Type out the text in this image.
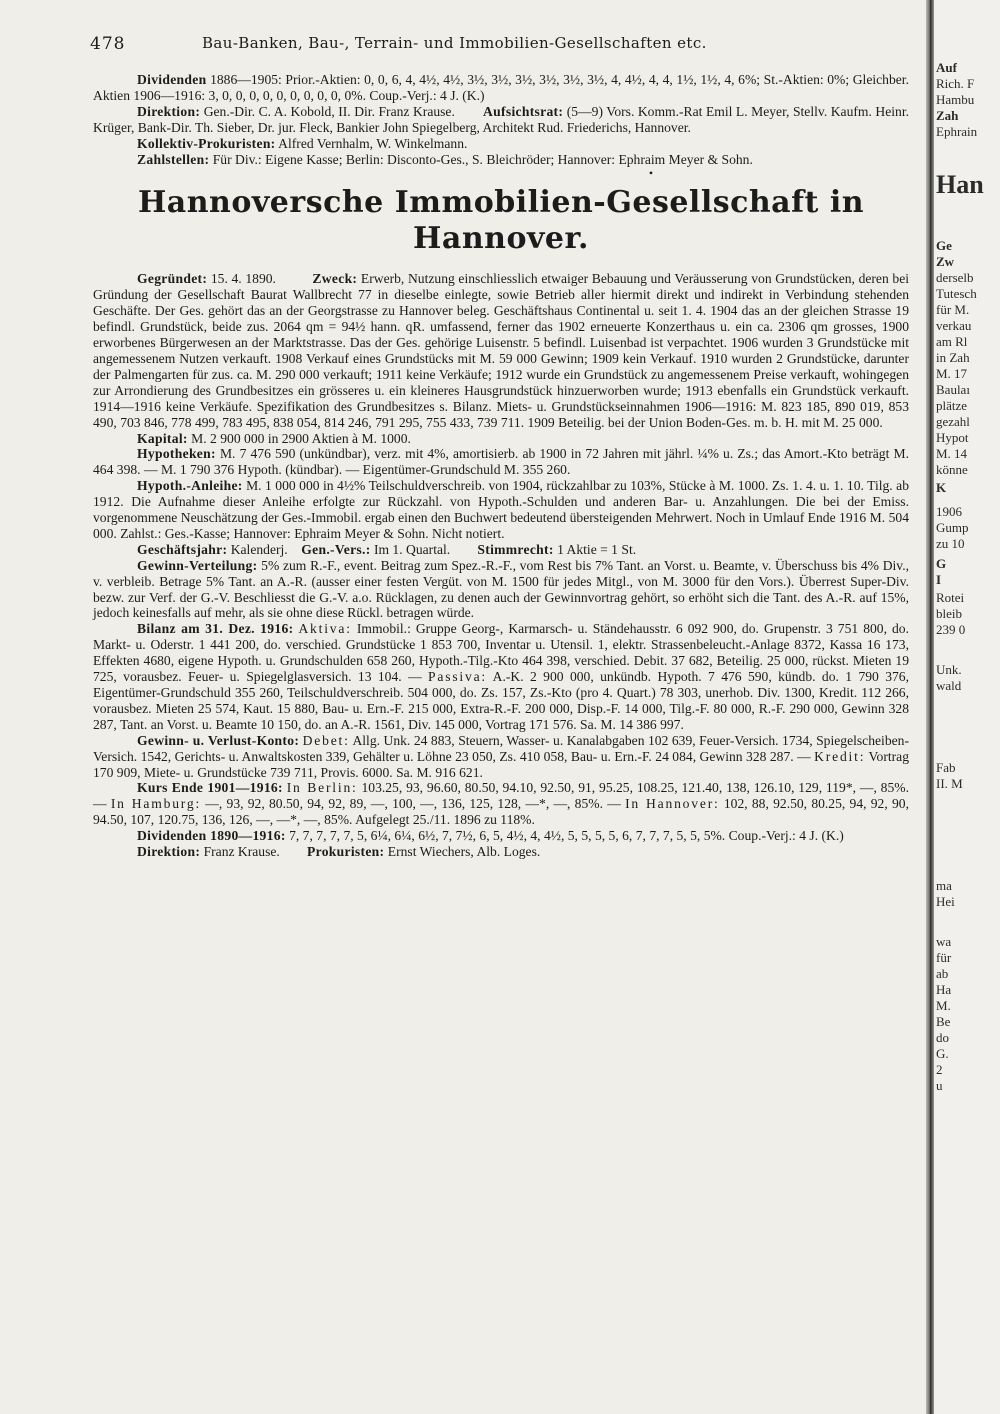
478	Bau-Banken, Bau-, Terrain- und Immobilien-Gesellschaften etc.

Dividenden 1886—1905: Prior.-Aktien: 0, 0, 6, 4, 4½, 4½, 3½, 3½, 3½, 3½, 3½, 3½, 4, 4½, 4, 4, 1½, 1½, 4, 6%; St.-Aktien: 0%; Gleichber. Aktien 1906—1916: 3, 0, 0, 0, 0, 0, 0, 0, 0, 0, 0%. Coup.-Verj.: 4 J. (K.)

Direktion: Gen.-Dir. C. A. Kobold, II. Dir. Franz Krause. Aufsichtsrat: (5—9) Vors. Komm.-Rat Emil L. Meyer, Stellv. Kaufm. Heinr. Krüger, Bank-Dir. Th. Sieber, Dr. jur. Fleck, Bankier John Spiegelberg, Architekt Rud. Friederichs, Hannover.

Kollektiv-Prokuristen: Alfred Vernhalm, W. Winkelmann.

Zahlstellen: Für Div.: Eigene Kasse; Berlin: Disconto-Ges., S. Bleichröder; Hannover: Ephraim Meyer & Sohn.

•
Hannoversche Immobilien-Gesellschaft in Hannover.

Gegründet: 15. 4. 1890.	Zweck: Erwerb, Nutzung einschliesslich etwaiger Bebauung und Veräusserung von Grundstücken, deren bei Gründung der Gesellschaft Baurat Wallbrecht 77 in dieselbe einlegte, sowie Betrieb aller hiermit direkt und indirekt in Verbindung stehenden Geschäfte. Der Ges. gehört das an der Georgstrasse zu Hannover beleg. Geschäftshaus Continental u. seit 1. 4. 1904 das an der gleichen Strasse 19 befindl. Grundstück, beide zus. 2064 qm = 94½ hann. qR. umfassend, ferner das 1902 erneuerte Konzerthaus u. ein ca. 2306 qm grosses, 1900 erworbenes Bürgerwesen an der Marktstrasse. Das der Ges. gehörige Luisenstr. 5 befindl. Luisenbad ist verpachtet. 1906 wurden 3 Grundstücke mit angemessenem Nutzen verkauft. 1908 Verkauf eines Grundstücks mit M. 59 000 Gewinn; 1909 kein Verkauf. 1910 wurden 2 Grundstücke, darunter der Palmengarten für zus. ca. M. 290 000 verkauft; 1911 keine Verkäufe; 1912 wurde ein Grundstück zu angemessenem Preise verkauft, wohingegen zur Arrondierung des Grundbesitzes ein grösseres u. ein kleineres Hausgrundstück hinzuerworben wurde; 1913 ebenfalls ein Grundstück verkauft. 1914—1916 keine Verkäufe. Spezifikation des Grundbesitzes s. Bilanz. Miets- u. Grundstückseinnahmen 1906—1916: M. 823 185, 890 019, 853 490, 703 846, 778 499, 783 495, 838 054, 814 246, 791 295, 755 433, 739 711. 1909 Beteilig. bei der Union Boden-Ges. m. b. H. mit M. 25 000.

Kapital: M. 2 900 000 in 2900 Aktien à M. 1000.

Hypotheken: M. 7 476 590 (unkündbar), verz. mit 4%, amortisierb. ab 1900 in 72 Jahren mit jährl. ¼% u. Zs.; das Amort.-Kto beträgt M. 464 398. — M. 1 790 376 Hypoth. (kündbar). — Eigentümer-Grundschuld M. 355 260.

Hypoth.-Anleihe: M. 1 000 000 in 4½% Teilschuldverschreib. von 1904, rückzahlbar zu 103%, Stücke à M. 1000. Zs. 1. 4. u. 1. 10. Tilg. ab 1912. Die Aufnahme dieser Anleihe erfolgte zur Rückzahl. von Hypoth.-Schulden und anderen Bar- u. Anzahlungen. Die bei der Emiss. vorgenommene Neuschätzung der Ges.-Immobil. ergab einen den Buchwert bedeutend übersteigenden Mehrwert. Noch in Umlauf Ende 1916 M. 504 000. Zahlst.: Ges.-Kasse; Hannover: Ephraim Meyer & Sohn. Nicht notiert.

Geschäftsjahr: Kalenderj. Gen.-Vers.: Im 1. Quartal. Stimmrecht: 1 Aktie = 1 St.

Gewinn-Verteilung: 5% zum R.-F., event. Beitrag zum Spez.-R.-F., vom Rest bis 7% Tant. an Vorst. u. Beamte, v. Überschuss bis 4% Div., v. verbleib. Betrage 5% Tant. an A.-R. (ausser einer festen Vergüt. von M. 1500 für jedes Mitgl., von M. 3000 für den Vors.). Überrest Super-Div. bezw. zur Verf. der G.-V. Beschliesst die G.-V. a.o. Rücklagen, zu denen auch der Gewinnvortrag gehört, so erhöht sich die Tant. des A.-R. auf 15%, jedoch keinesfalls auf mehr, als sie ohne diese Rückl. betragen würde.

Bilanz am 31. Dez. 1916: Aktiva: Immobil.: Gruppe Georg-, Karmarsch- u. Ständehausstr. 6 092 900, do. Grupenstr. 3 751 800, do. Markt- u. Oderstr. 1 441 200, do. verschied. Grundstücke 1 853 700, Inventar u. Utensil. 1, elektr. Strassenbeleucht.-Anlage 8372, Kassa 16 173, Effekten 4680, eigene Hypoth. u. Grundschulden 658 260, Hypoth.-Tilg.-Kto 464 398, verschied. Debit. 37 682, Beteilig. 25 000, rückst. Mieten 19 725, vorausbez. Feuer- u. Spiegelglasversich. 13 104. — Passiva: A.-K. 2 900 000, unkündb. Hypoth. 7 476 590, kündb. do. 1 790 376, Eigentümer-Grundschuld 355 260, Teilschuldverschreib. 504 000, do. Zs. 157, Zs.-Kto (pro 4. Quart.) 78 303, unerhob. Div. 1300, Kredit. 112 266, vorausbez. Mieten 25 574, Kaut. 15 880, Bau- u. Ern.-F. 215 000, Extra-R.-F. 200 000, Disp.-F. 14 000, Tilg.-F. 80 000, R.-F. 290 000, Gewinn 328 287, Tant. an Vorst. u. Beamte 10 150, do. an A.-R. 1561, Div. 145 000, Vortrag 171 576. Sa. M. 14 386 997.

Gewinn- u. Verlust-Konto: Debet: Allg. Unk. 24 883, Steuern, Wasser- u. Kanalabgaben 102 639, Feuer-Versich. 1734, Spiegelscheiben-Versich. 1542, Gerichts- u. Anwaltskosten 339, Gehälter u. Löhne 23 050, Zs. 410 058, Bau- u. Ern.-F. 24 084, Gewinn 328 287. — Kredit: Vortrag 170 909, Miete- u. Grundstücke 739 711, Provis. 6000. Sa. M. 916 621.

Kurs Ende 1901—1916: In Berlin: 103.25, 93, 96.60, 80.50, 94.10, 92.50, 91, 95.25, 108.25, 121.40, 138, 126.10, 129, 119*, —, 85%. — In Hamburg: —, 93, 92, 80.50, 94, 92, 89, —, 100, —, 136, 125, 128, —*, —, 85%. — In Hannover: 102, 88, 92.50, 80.25, 94, 92, 90, 94.50, 107, 120.75, 136, 126, —, —*, —, 85%. Aufgelegt 25./11. 1896 zu 118%.

Dividenden 1890—1916: 7, 7, 7, 7, 7, 5, 6¼, 6¼, 6½, 7, 7½, 6, 5, 4½, 4, 4½, 5, 5, 5, 5, 6, 7, 7, 7, 5, 5, 5%. Coup.-Verj.: 4 J. (K.)

Direktion: Franz Krause. Prokuristen: Ernst Wiechers, Alb. Loges.

Auf
Rich. F
Hambu
Zah
Ephrain
Han
Ge
Zw
derselb
Tutesch
für M.
verkau
am Rl
in Zah
M. 17
Baulaı
plätze
gezahl
Hypot
M. 14
könne
K
1906
Gump
zu 10
G
I
Rotei
bleib
239 0
Unk.
wald
Fab
II. M
ma
Hei
wa
für
ab
Ha
M.
Be
do
G.
2
u
